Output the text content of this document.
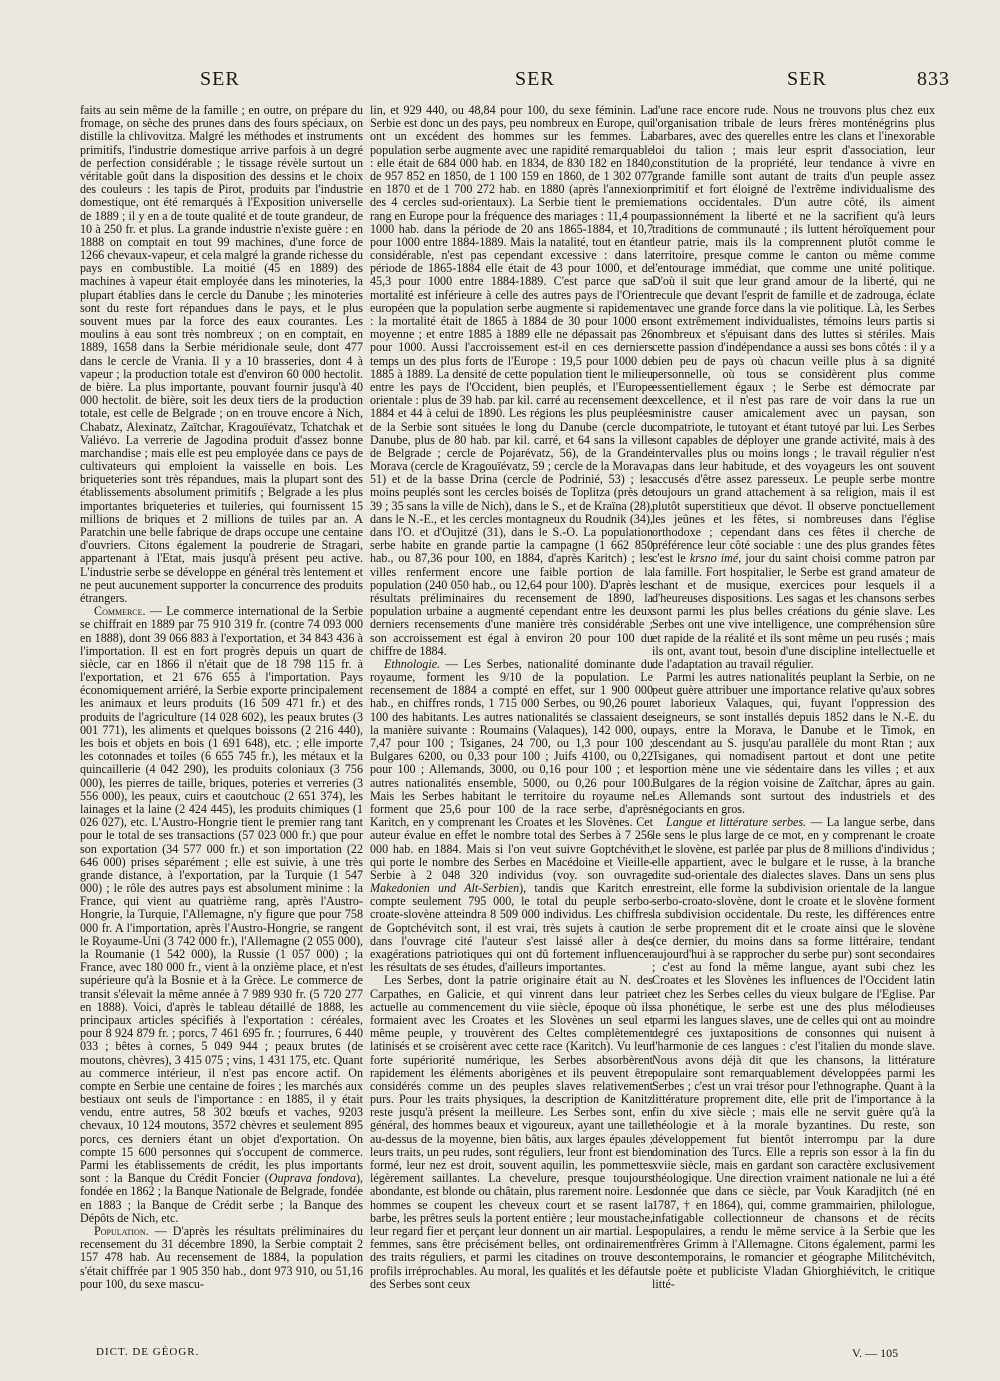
SER	SER	SER	833

faits au sein même de la famille ; en outre, on prépare du fromage, on sèche des prunes dans des fours spéciaux, on distille la chlivovitza. Malgré les méthodes et instruments primitifs, l'industrie domestique arrive parfois à un degré de perfection considérable ; le tissage révèle surtout un véritable goût dans la disposition des dessins et le choix des couleurs : les tapis de Pirot, produits par l'industrie domestique, ont été remarqués à l'Exposition universelle de 1889 ; il y en a de toute qualité et de toute grandeur, de 10 à 250 fr. et plus. La grande industrie n'existe guère : en 1888 on comptait en tout 99 machines, d'une force de 1266 chevaux-vapeur, et cela malgré la grande richesse du pays en combustible. La moitié (45 en 1889) des machines à vapeur était employée dans les minoteries, la plupart établies dans le cercle du Danube ; les minoteries sont du reste fort répandues dans le pays, et le plus souvent mues par la force des eaux courantes. Les moulins à eau sont très nombreux ; on en comptait, en 1889, 1658 dans la Serbie méridionale seule, dont 477 dans le cercle de Vrania. Il y a 10 brasseries, dont 4 à vapeur ; la production totale est d'environ 60 000 hectolit. de bière. La plus importante, pouvant fournir jusqu'à 40 000 hectolit. de bière, soit les deux tiers de la production totale, est celle de Belgrade ; on en trouve encore à Nich, Chabatz, Alexinatz, Zaïtchar, Kragouïévatz, Tchatchak et Valiévo. La verrerie de Jagodina produit d'assez bonne marchandise ; mais elle est peu employée dans ce pays de cultivateurs qui emploient la vaisselle en bois. Les briqueteries sont très répandues, mais la plupart sont des établissements absolument primitifs ; Belgrade a les plus importantes briqueteries et tuileries, qui fournissent 15 millions de briques et 2 millions de tuiles par an. A Paratchin une belle fabrique de draps occupe une centaine d'ouvriers. Citons également la poudrerie de Stragari, appartenant à l'Etat, mais jusqu'à présent peu active. L'industrie serbe se développe en général très lentement et ne peut aucunement supporter la concurrence des produits étrangers.

Commerce. — Le commerce international de la Serbie se chiffrait en 1889 par 75 910 319 fr. (contre 74 093 000 en 1888), dont 39 066 883 à l'exportation, et 34 843 436 à l'importation. Il est en fort progrès depuis un quart de siècle, car en 1866 il n'était que de 18 798 115 fr. à l'exportation, et 21 676 655 à l'importation. Pays économiquement arriéré, la Serbie exporte principalement les animaux et leurs produits (16 509 471 fr.) et des produits de l'agriculture (14 028 602), les peaux brutes (3 001 771), les aliments et quelques boissons (2 216 440), les bois et objets en bois (1 691 648), etc. ; elle importe les cotonnades et toiles (6 655 745 fr.), les métaux et la quincaillerie (4 042 290), les produits coloniaux (3 756 000), les pierres de taille, briques, poteries et verreries (3 556 000), les peaux, cuirs et caoutchouc (2 651 374), les lainages et la laine (2 424 445), les produits chimiques (1 026 027), etc. L'Austro-Hongrie tient le premier rang tant pour le total de ses transactions (57 023 000 fr.) que pour son exportation (34 577 000 fr.) et son importation (22 646 000) prises séparément ; elle est suivie, à une très grande distance, à l'exportation, par la Turquie (1 547 000) ; le rôle des autres pays est absolument minime : la France, qui vient au quatrième rang, après l'Austro-Hongrie, la Turquie, l'Allemagne, n'y figure que pour 758 000 fr. A l'importation, après l'Austro-Hongrie, se rangent le Royaume-Uni (3 742 000 fr.), l'Allemagne (2 055 000), la Roumanie (1 542 000), la Russie (1 057 000) ; la France, avec 180 000 fr., vient à la onzième place, et n'est supérieure qu'à la Bosnie et à la Grèce. Le commerce de transit s'élevait la même année à 7 989 930 fr. (5 720 277 en 1888). Voici, d'après le tableau détaillé de 1888, les principaux articles spécifiés à l'exportation : céréales, pour 8 924 879 fr. ; porcs, 7 461 695 fr. ; fourrures, 6 440 033 ; bêtes à cornes, 5 049 944 ; peaux brutes (de moutons, chèvres), 3 415 075 ; vins, 1 431 175, etc. Quant au commerce intérieur, il n'est pas encore actif. On compte en Serbie une centaine de foires ; les marchés aux bestiaux ont seuls de l'importance : en 1885, il y était vendu, entre autres, 58 302 bœufs et vaches, 9203 chevaux, 10 124 moutons, 3572 chèvres et seulement 895 porcs, ces derniers étant un objet d'exportation. On compte 15 600 personnes qui s'occupent de commerce. Parmi les établissements de crédit, les plus importants sont : la Banque du Crédit Foncier (Ouprava fondova), fondée en 1862 ; la Banque Nationale de Belgrade, fondée en 1883 ; la Banque de Crédit serbe ; la Banque des Dépôts de Nich, etc.

Population. — D'après les résultats préliminaires du recensement du 31 décembre 1890, la Serbie comptait 2 157 478 hab. Au recensement de 1884, la population s'était chiffrée par 1 905 350 hab., dont 973 910, ou 51,16 pour 100, du sexe mascu-

lin, et 929 440, ou 48,84 pour 100, du sexe féminin. La Serbie est donc un des pays, peu nombreux en Europe, qui ont un excédent des hommes sur les femmes. La population serbe augmente avec une rapidité remarquable : elle était de 684 000 hab. en 1834, de 830 182 en 1840, de 957 852 en 1850, de 1 100 159 en 1860, de 1 302 077 en 1870 et de 1 700 272 hab. en 1880 (après l'annexion des 4 cercles sud-orientaux). La Serbie tient le premier rang en Europe pour la fréquence des mariages : 11,4 pour 1000 hab. dans la période de 20 ans 1865-1884, et 10,7 pour 1000 entre 1884-1889. Mais la natalité, tout en étant considérable, n'est pas cependant excessive : dans la période de 1865-1884 elle était de 43 pour 1000, et de 45,3 pour 1000 entre 1884-1889. C'est parce que sa mortalité est inférieure à celle des autres pays de l'Orient européen que la population serbe augmente si rapidement : la mortalité était de 1865 à 1884 de 30 pour 1000 en moyenne ; et entre 1885 à 1889 elle ne dépassait pas 26 pour 1000. Aussi l'accroissement est-il en ces derniers temps un des plus forts de l'Europe : 19,5 pour 1000 de 1885 à 1889. La densité de cette population tient le milieu entre les pays de l'Occident, bien peuplés, et l'Europe orientale : plus de 39 hab. par kil. carré au recensement de 1884 et 44 à celui de 1890. Les régions les plus peuplées de la Serbie sont situées le long du Danube (cercle du Danube, plus de 80 hab. par kil. carré, et 64 sans la ville de Belgrade ; cercle de Pojarévatz, 56), de la Grande Morava (cercle de Kragouïévatz, 59 ; cercle de la Morava, 51) et de la basse Drina (cercle de Podrinié, 53) ; les moins peuplés sont les cercles boisés de Toplitza (près de 39 ; 35 sans la ville de Nich), dans le S., et de Kraïna (28), dans le N.-E., et les cercles montagneux du Roudnik (34), dans l'O. et d'Oujitzé (31), dans le S.-O. La population serbe habite en grande partie la campagne (1 662 850 hab., ou 87,36 pour 100, en 1884, d'après Karitch) ; les villes renferment encore une faible portion de la population (240 050 hab., ou 12,64 pour 100). D'après les résultats préliminaires du recensement de 1890, la population urbaine a augmenté cependant entre les deux derniers recensements d'une manière très considérable ; son accroissement est égal à environ 20 pour 100 du chiffre de 1884.

Ethnologie. — Les Serbes, nationalité dominante du royaume, forment les 9/10 de la population. Le recensement de 1884 a compté en effet, sur 1 900 000 hab., en chiffres ronds, 1 715 000 Serbes, ou 90,26 pour 100 des habitants. Les autres nationalités se classaient de la manière suivante : Roumains (Valaques), 142 000, ou 7,47 pour 100 ; Tsiganes, 24 700, ou 1,3 pour 100 ; Bulgares 6200, ou 0,33 pour 100 ; Juifs 4100, ou 0,22 pour 100 ; Allemands, 3000, ou 0,16 pour 100 ; et les autres nationalités ensemble, 5000, ou 0,26 pour 100. Mais les Serbes habitant le territoire du royaume ne forment que 25,6 pour 100 de la race serbe, d'après Karitch, en y comprenant les Croates et les Slovènes. Cet auteur évalue en effet le nombre total des Serbes à 7 256 000 hab. en 1884. Mais si l'on veut suivre Goptchévith, qui porte le nombre des Serbes en Macédoine et Vieille-Serbie à 2 048 320 individus (voy. son ouvrage Makedonien und Alt-Serbien), tandis que Karitch en compte seulement 795 000, le total du peuple serbo-croate-slovène atteindra 8 509 000 individus. Les chiffres de Goptchévitch sont, il est vrai, très sujets à caution : dans l'ouvrage cité l'auteur s'est laissé aller à des exagérations patriotiques qui ont dû fortement influencer les résultats de ses études, d'ailleurs importantes.

Les Serbes, dont la patrie originaire était au N. des Carpathes, en Galicie, et qui vinrent dans leur patrie actuelle au commencement du viie siècle, époque où ils formaient avec les Croates et les Slovènes un seul et même peuple, y trouvèrent des Celtes complètement latinisés et se croisèrent avec cette race (Karitch). Vu leur forte supériorité numérique, les Serbes absorbèrent rapidement les éléments aborigènes et ils peuvent être considérés comme un des peuples slaves relativement purs. Pour les traits physiques, la description de Kanitz reste jusqu'à présent la meilleure. Les Serbes sont, en général, des hommes beaux et vigoureux, ayant une taille au-dessus de la moyenne, bien bâtis, aux larges épaules ; leurs traits, un peu rudes, sont réguliers, leur front est bien formé, leur nez est droit, souvent aquilin, les pommettes légèrement saillantes. La chevelure, presque toujours abondante, est blonde ou châtain, plus rarement noire. Les hommes se coupent les cheveux court et se rasent la barbe, les prêtres seuls la portent entière ; leur moustache, leur regard fier et perçant leur donnent un air martial. Les femmes, sans être précisément belles, ont ordinairement des traits réguliers, et parmi les citadines on trouve des profils irréprochables. Au moral, les qualités et les défauts des Serbes sont ceux

d'une race encore rude. Nous ne trouvons plus chez eux l'organisation tribale de leurs frères monténégrins plus barbares, avec des querelles entre les clans et l'inexorable loi du talion ; mais leur esprit d'association, leur constitution de la propriété, leur tendance à vivre en grande famille sont autant de traits d'un peuple assez primitif et fort éloigné de l'extrême individualisme des nations occidentales. D'un autre côté, ils aiment passionnément la liberté et ne la sacrifient qu'à leurs traditions de communauté ; ils luttent héroïquement pour leur patrie, mais ils la comprennent plutôt comme le territoire, presque comme le canton ou même comme l'entourage immédiat, que comme une unité politique. D'où il suit que leur grand amour de la liberté, qui ne recule que devant l'esprit de famille et de zadrouga, éclate avec une grande force dans la vie politique. Là, les Serbes sont extrêmement individualistes, témoins leurs partis si nombreux et s'épuisant dans des luttes si stériles. Mais cette passion d'indépendance a aussi ses bons côtés : il y a bien peu de pays où chacun veille plus à sa dignité personnelle, où tous se considèrent plus comme essentiellement égaux ; le Serbe est démocrate par excellence, et il n'est pas rare de voir dans la rue un ministre causer amicalement avec un paysan, son compatriote, le tutoyant et étant tutoyé par lui. Les Serbes sont capables de déployer une grande activité, mais à des intervalles plus ou moins longs ; le travail régulier n'est pas dans leur habitude, et des voyageurs les ont souvent accusés d'être assez paresseux. Le peuple serbe montre toujours un grand attachement à sa religion, mais il est plutôt superstitieux que dévot. Il observe ponctuellement les jeûnes et les fêtes, si nombreuses dans l'église orthodoxe ; cependant dans ces fêtes il cherche de préférence leur côté sociable : une des plus grandes fêtes c'est le krsno imé, jour du saint choisi comme patron par la famille. Fort hospitalier, le Serbe est grand amateur de chant et de musique, exercices pour lesquels il a d'heureuses dispositions. Les sagas et les chansons serbes sont parmi les plus belles créations du génie slave. Les Serbes ont une vive intelligence, une compréhension sûre et rapide de la réalité et ils sont même un peu rusés ; mais ils ont, avant tout, besoin d'une discipline intellectuelle et de l'adaptation au travail régulier.

Parmi les autres nationalités peuplant la Serbie, on ne peut guère attribuer une importance relative qu'aux sobres et laborieux Valaques, qui, fuyant l'oppression des seigneurs, se sont installés depuis 1852 dans le N.-E. du pays, entre la Morava, le Danube et le Timok, en descendant au S. jusqu'au parallèle du mont Rtan ; aux Tsiganes, qui nomadisent partout et dont une petite portion mène une vie sédentaire dans les villes ; et aux Bulgares de la région voisine de Zaïtchar, âpres au gain. Les Allemands sont surtout des industriels et des négociants en gros.

Langue et littérature serbes. — La langue serbe, dans le sens le plus large de ce mot, en y comprenant le croate et le slovène, est parlée par plus de 8 millions d'individus ; elle appartient, avec le bulgare et le russe, à la branche dite sud-orientale des dialectes slaves. Dans un sens plus restreint, elle forme la subdivision orientale de la langue serbo-croato-slovène, dont le croate et le slovène forment la subdivision occidentale. Du reste, les différences entre le serbe proprement dit et le croate ainsi que le slovène (ce dernier, du moins dans sa forme littéraire, tendant aujourd'hui à se rapprocher du serbe pur) sont secondaires ; c'est au fond la même langue, ayant subi chez les Croates et les Slovènes les influences de l'Occident latin et chez les Serbes celles du vieux bulgare de l'Eglise. Par sa phonétique, le serbe est une des plus mélodieuses parmi les langues slaves, une de celles qui ont au moindre degré ces juxtapositions de consonnes qui nuisent à l'harmonie de ces langues : c'est l'italien du monde slave. Nous avons déjà dit que les chansons, la littérature populaire sont remarquablement développées parmi les Serbes ; c'est un vrai trésor pour l'ethnographe. Quant à la littérature proprement dite, elle prit de l'importance à la fin du xive siècle ; mais elle ne servit guère qu'à la théologie et à la morale byzantines. Du reste, son développement fut bientôt interrompu par la dure domination des Turcs. Elle a repris son essor à la fin du xviie siècle, mais en gardant son caractère exclusivement théologique. Une direction vraiment nationale ne lui a été donnée que dans ce siècle, par Vouk Karadjitch (né en 1787, † en 1864), qui, comme grammairien, philologue, infatigable collectionneur de chansons et de récits populaires, a rendu le même service à la Serbie que les frères Grimm à l'Allemagne. Citons également, parmi les contemporains, le romancier et géographe Militchévitch, le poète et publiciste Vladan Ghiorghiévitch, le critique litté-

DICT. DE GÉOGR.	V. — 105
